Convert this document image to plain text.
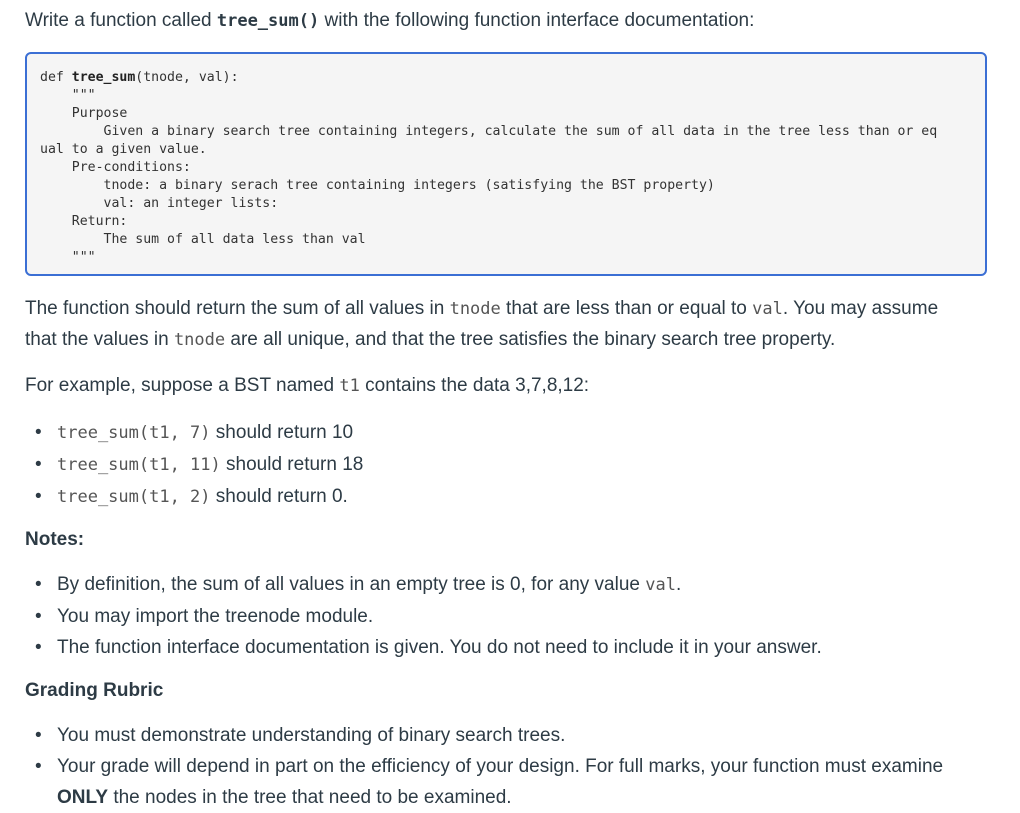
Write a function called tree_sum() with the following function interface documentation:
def tree_sum(tnode, val):
"""
Purpose
Given a binary search tree containing integers, calculate the sum of all data in the tree less than or eq
ual to a given value.
Pre-conditions:
tnode: a binary serach tree containing integers (satisfying the BST property)
val: an integer lists:
Return:
The sum of all data less than val
"""
The function should return the sum of all values in tnode that are less than or equal to val. You may assume
that the values in tnode are all unique, and that the tree satisfies the binary search tree property.
For example, suppose a BST named t1 contains the data 3,7,8,12:
• tree_sum(t1, 7) should return 10
• tree_sum(t1, 11) should return 18
• tree_sum(t1, 2) should return 0.
Notes:
• By definition, the sum of all values in an empty tree is 0, for any value val.
• You may import the treenode module.
• The function interface documentation is given. You do not need to include it in your answer.
Grading Rubric
• You must demonstrate understanding of binary search trees.
• Your grade will depend in part on the efficiency of your design. For full marks, your function must examine
ONLY the nodes in the tree that need to be examined.
